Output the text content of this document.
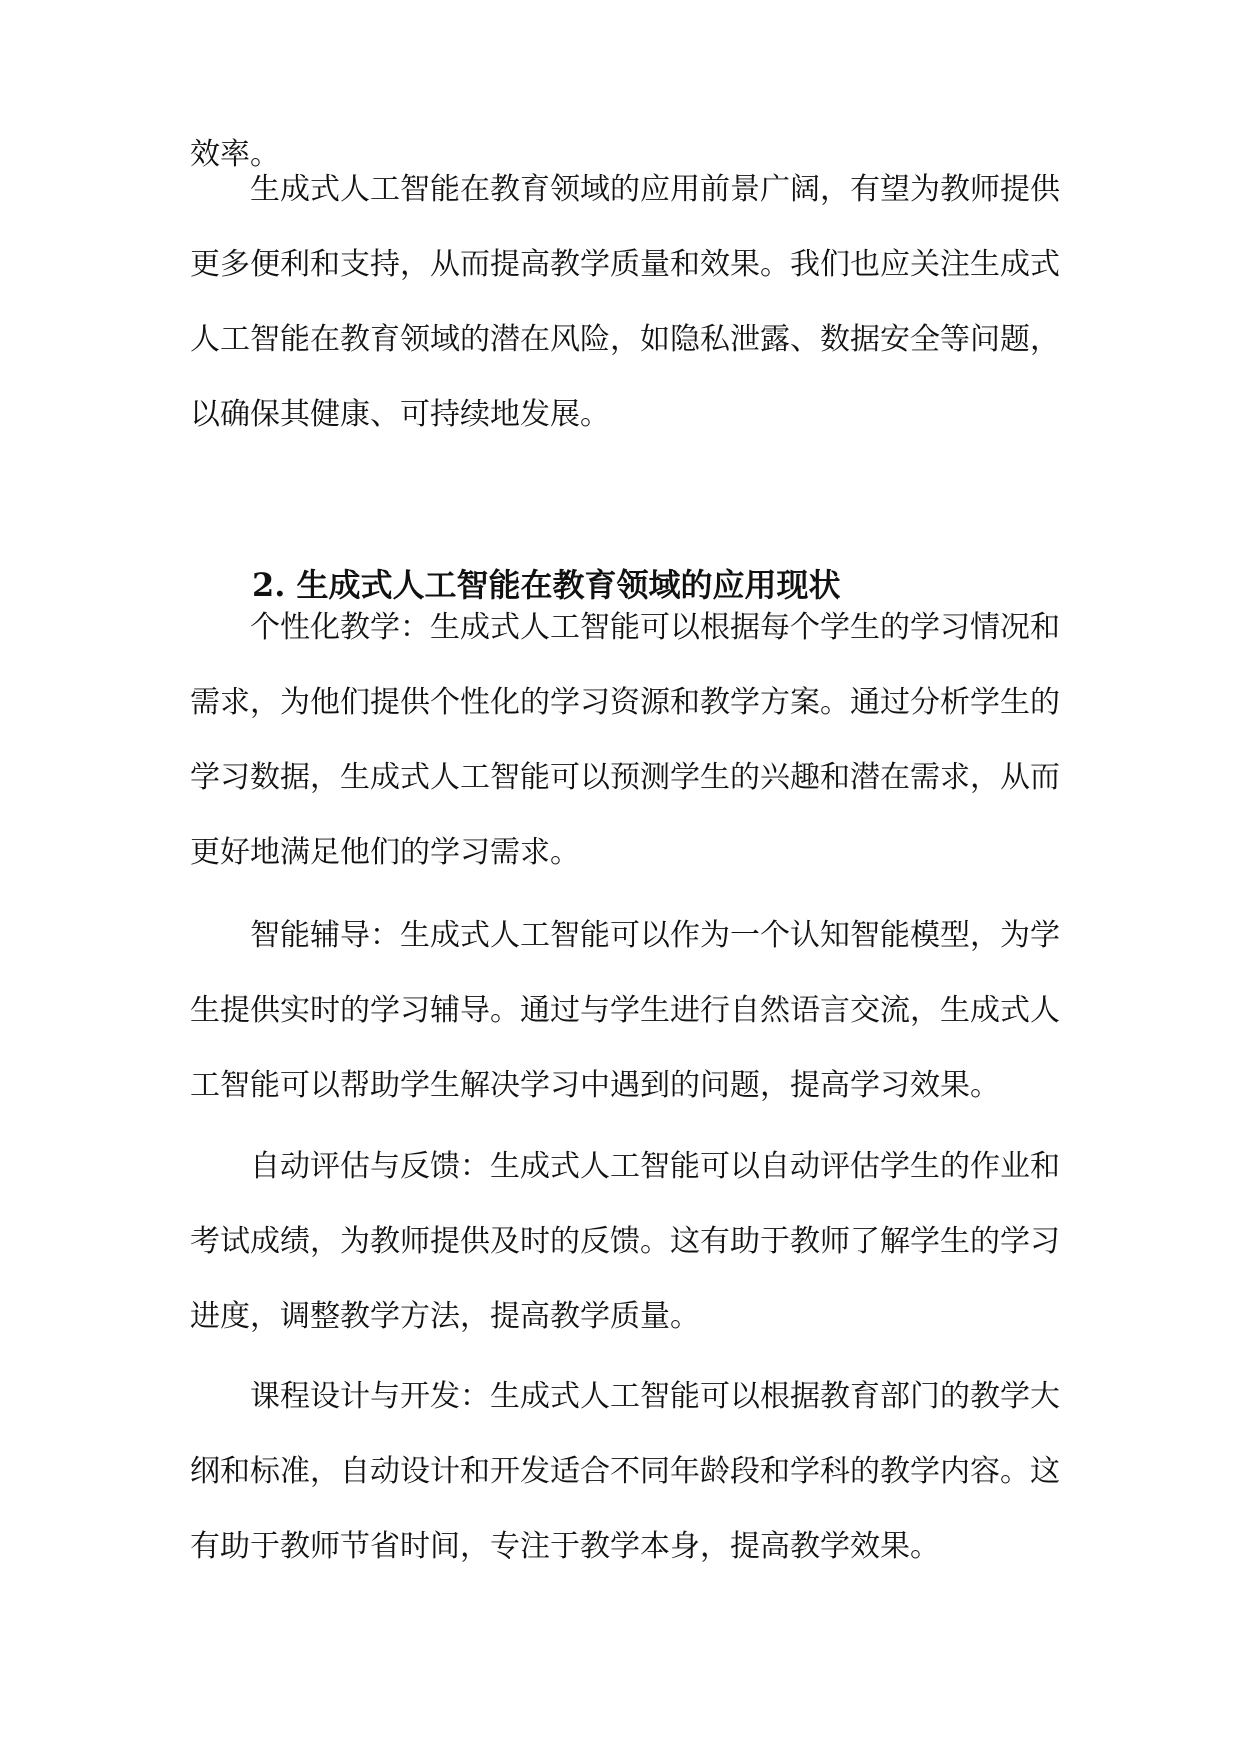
效率。

生成式人工智能在教育领域的应用前景广阔，有望为教师提供更多便利和支持，从而提高教学质量和效果。我们也应关注生成式人工智能在教育领域的潜在风险，如隐私泄露、数据安全等问题，以确保其健康、可持续地发展。

2. 生成式人工智能在教育领域的应用现状

个性化教学：生成式人工智能可以根据每个学生的学习情况和需求，为他们提供个性化的学习资源和教学方案。通过分析学生的学习数据，生成式人工智能可以预测学生的兴趣和潜在需求，从而更好地满足他们的学习需求。

智能辅导：生成式人工智能可以作为一个认知智能模型，为学生提供实时的学习辅导。通过与学生进行自然语言交流，生成式人工智能可以帮助学生解决学习中遇到的问题，提高学习效果。

自动评估与反馈：生成式人工智能可以自动评估学生的作业和考试成绩，为教师提供及时的反馈。这有助于教师了解学生的学习进度，调整教学方法，提高教学质量。

课程设计与开发：生成式人工智能可以根据教育部门的教学大纲和标准，自动设计和开发适合不同年龄段和学科的教学内容。这有助于教师节省时间，专注于教学本身，提高教学效果。
